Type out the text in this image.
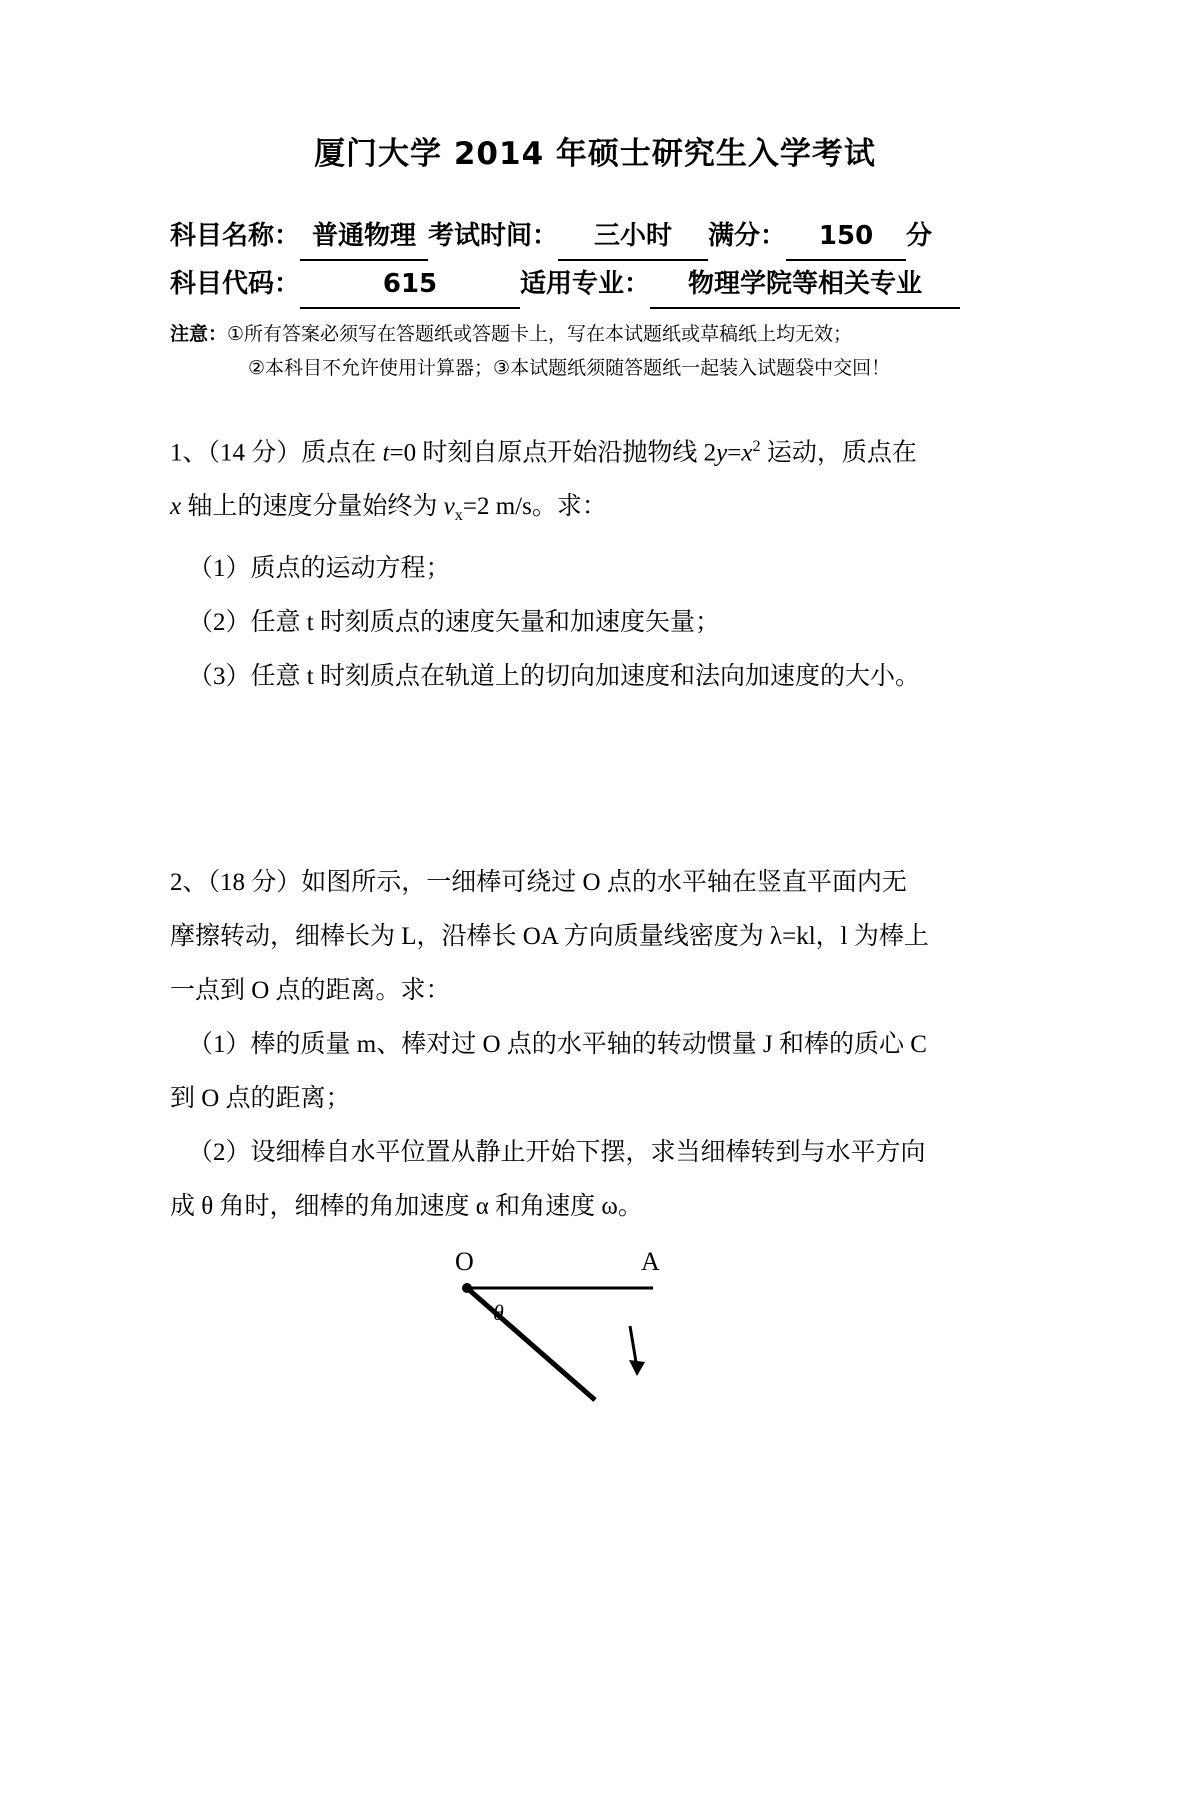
厦门大学 2014 年硕士研究生入学考试
科目名称： 普通物理 考试时间：	三小时	满分：	150	分
科目代码：	615	适用专业：	物理学院等相关专业
注意：①所有答案必须写在答题纸或答题卡上，写在本试题纸或草稿纸上均无效；
②本科目不允许使用计算器；③本试题纸须随答题纸一起装入试题袋中交回！

1、（14 分）质点在 t=0 时刻自原点开始沿抛物线 $2y=x^2$ 运动，质点在

x 轴上的速度分量始终为 $v_x=2$ m/s。求：

（1）质点的运动方程；

（2）任意 t 时刻质点的速度矢量和加速度矢量；

（3）任意 t 时刻质点在轨道上的切向加速度和法向加速度的大小。

2、（18 分）如图所示，一细棒可绕过 O 点的水平轴在竖直平面内无

摩擦转动，细棒长为 L，沿棒长 OA 方向质量线密度为 λ=kl，l 为棒上

一点到 O 点的距离。求：

（1）棒的质量 m、棒对过 O 点的水平轴的转动惯量 J 和棒的质心 C

到 O 点的距离；

（2）设细棒自水平位置从静止开始下摆，求当细棒转到与水平方向

成 θ 角时，细棒的角加速度 α 和角速度 ω。

O	A
θ
